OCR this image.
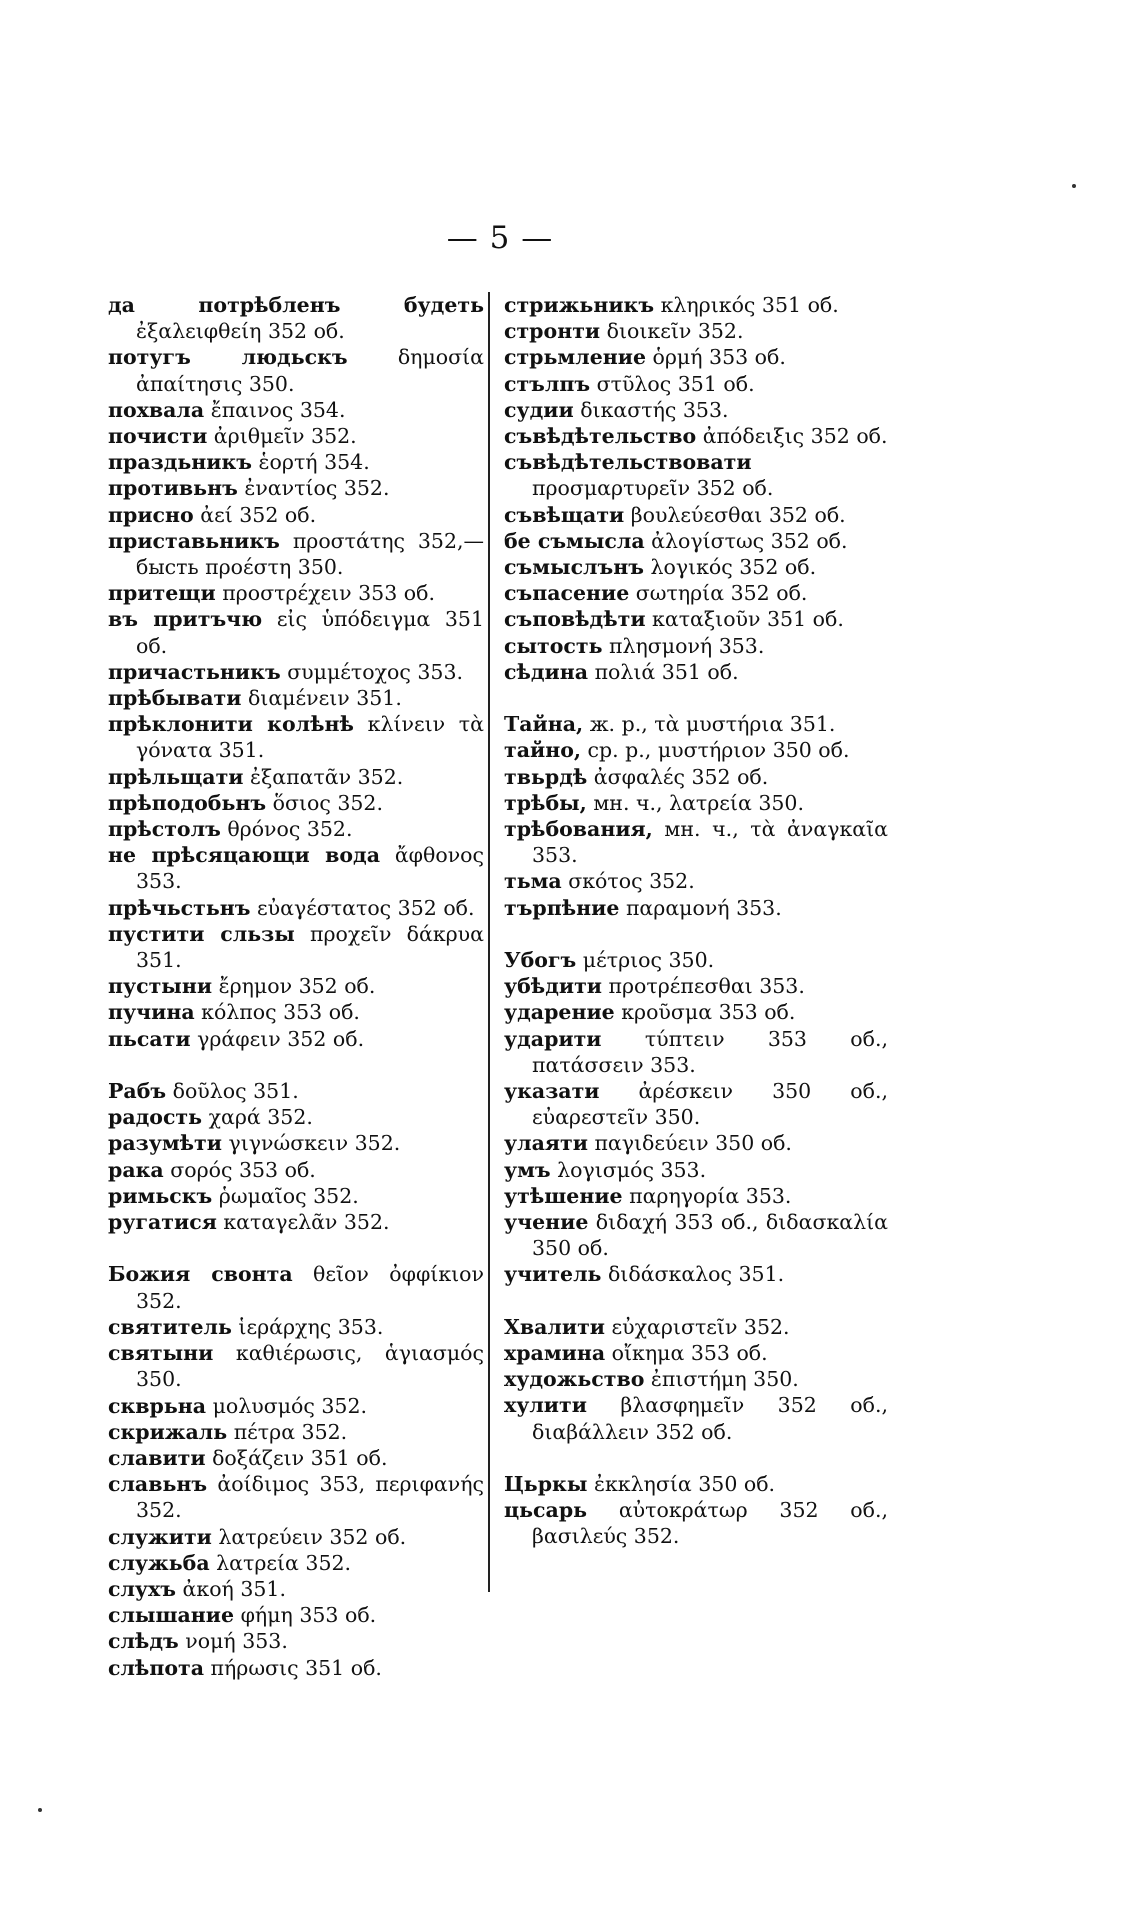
— 5 —
да потрѣбленъ будеть ἐξαλειφθείη 352 об.
потугъ людьскъ δημοσία ἀπαίτησις 350.
похвала ἔπαινος 354.
почисти ἀριθμεῖν 352.
праздьникъ ἑορτή 354.
противьнъ ἐναντίος 352.
присно ἀεί 352 об.
приставьникъ προστάτης 352,— бысть προέστη 350.
притещи προστρέχειν 353 об.
въ притъчю εἰς ὑπόδειγμα 351 об.
причастьникъ συμμέτοχος 353.
прѣбывати διαμένειν 351.
прѣклонити колѣнѣ κλίνειν τὰ γόνατα 351.
прѣльщати ἐξαπατᾶν 352.
прѣподобьнъ ὅσιος 352.
прѣстолъ θρόνος 352.
не прѣсяцающи вода ἄφθονος 353.
прѣчьстьнъ εὐαγέστατος 352 об.
пустити сльзы προχεῖν δάκρυα 351.
пустыни ἔρημον 352 об.
пучина κόλπος 353 об.
пьсати γράφειν 352 об.
Рабъ δοῦλος 351.
радость χαρά 352.
разумѣти γιγνώσκειν 352.
рака σορός 353 об.
римьскъ ῥωμαῖος 352.
ругатися καταγελᾶν 352.
Божия свонта θεῖον ὀφφίκιον 352.
святитель ἱεράρχης 353.
святыни καθιέρωσις, ἁγιασμός 350.
скврьна μολυσμός 352.
скрижаль πέτρα 352.
славити δοξάζειν 351 об.
славьнъ ἀοίδιμος 353, περιφανής 352.
служити λατρεύειν 352 об.
служьба λατρεία 352.
слухъ ἀκοή 351.
слышание φήμη 353 об.
слѣдъ νομή 353.
слѣпота πήρωσις 351 об.
стрижьникъ κληρικός 351 об.
стронти διοικεῖν 352.
стрьмление ὁρμή 353 об.
стълпъ στῦλος 351 об.
судии δικαστής 353.
съвѣдѣтельство ἀπόδειξις 352 об.
съвѣдѣтельствовати προσμαρτυρεῖν 352 об.
съвѣщати βουλεύεσθαι 352 об.
бе съмысла ἀλογίστως 352 об.
съмыслънъ λογικός 352 об.
съпасение σωτηρία 352 об.
съповѣдѣти καταξιοῦν 351 об.
сытость πλησμονή 353.
сѣдина πολιά 351 об.
Тайна, ж. р., τὰ μυστήρια 351.
тайно, ср. р., μυστήριον 350 об.
твьрдѣ ἀσφαλές 352 об.
трѣбы, мн. ч., λατρεία 350.
трѣбования, мн. ч., τὰ ἀναγκαῖα 353.
тьма σκότος 352.
търпѣние παραμονή 353.
Убогъ μέτριος 350.
убѣдити προτρέπεσθαι 353.
ударение κροῦσμα 353 об.
ударити τύπτειν 353 об., πατάσσειν 353.
указати ἀρέσκειν 350 об., εὐαρεστεῖν 350.
улаяти παγιδεύειν 350 об.
умъ λογισμός 353.
утѣшение παρηγορία 353.
учение διδαχή 353 об., διδασκαλία 350 об.
учитель διδάσκαλος 351.
Хвалити εὐχαριστεῖν 352.
храмина οἴκημα 353 об.
художьство ἐπιστήμη 350.
хулити βλασφημεῖν 352 об., διαβάλλειν 352 об.
Цьркы ἐκκλησία 350 об.
цьсарь αὐτοκράτωρ 352 об., βασιλεύς 352.
